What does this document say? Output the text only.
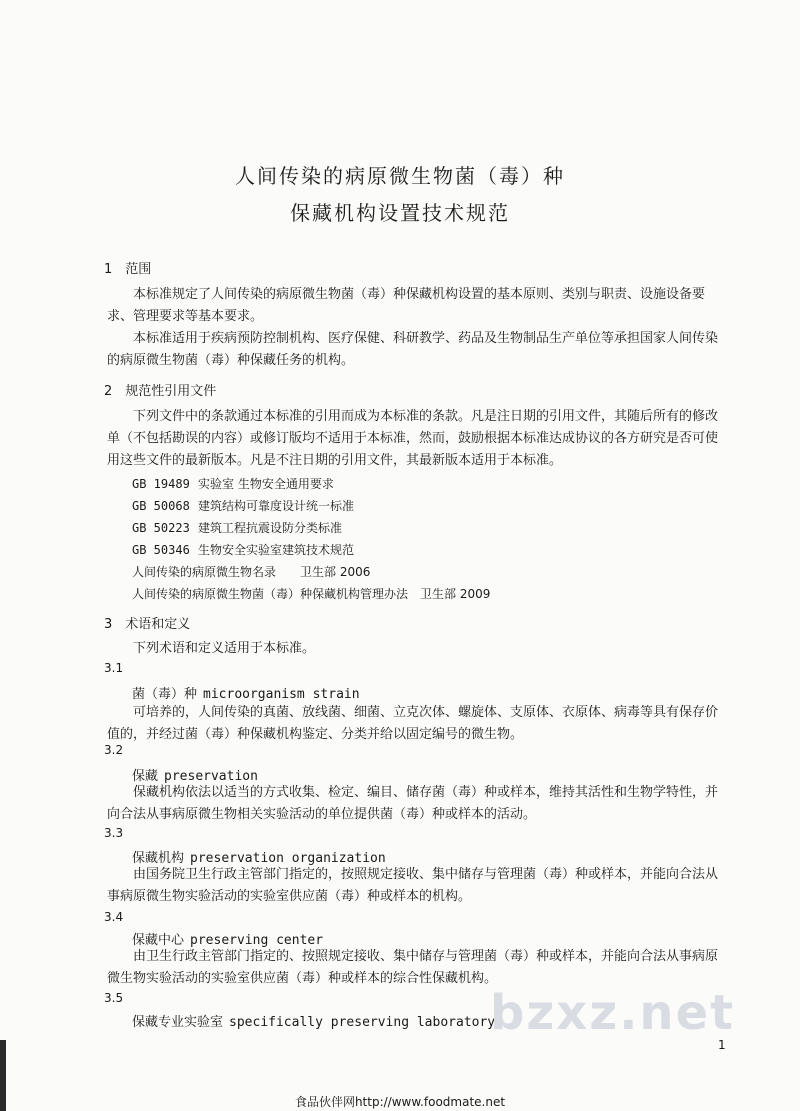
人间传染的病原微生物菌（毒）种
保藏机构设置技术规范
1　范围
本标准规定了人间传染的病原微生物菌（毒）种保藏机构设置的基本原则、类别与职责、设施设备要求、管理要求等基本要求。
本标准适用于疾病预防控制机构、医疗保健、科研教学、药品及生物制品生产单位等承担国家人间传染的病原微生物菌（毒）种保藏任务的机构。
2　规范性引用文件
下列文件中的条款通过本标准的引用而成为本标准的条款。凡是注日期的引用文件，其随后所有的修改单（不包括勘误的内容）或修订版均不适用于本标准，然而，鼓励根据本标准达成协议的各方研究是否可使用这些文件的最新版本。凡是不注日期的引用文件，其最新版本适用于本标准。
GB 19489 实验室 生物安全通用要求
GB 50068 建筑结构可靠度设计统一标准
GB 50223 建筑工程抗震设防分类标准
GB 50346 生物安全实验室建筑技术规范
人间传染的病原微生物名录　　卫生部 2006
人间传染的病原微生物菌（毒）种保藏机构管理办法　卫生部 2009
3　术语和定义
下列术语和定义适用于本标准。
3.1
菌（毒）种 microorganism strain
可培养的，人间传染的真菌、放线菌、细菌、立克次体、螺旋体、支原体、衣原体、病毒等具有保存价值的，并经过菌（毒）种保藏机构鉴定、分类并给以固定编号的微生物。
3.2
保藏 preservation
保藏机构依法以适当的方式收集、检定、编目、储存菌（毒）种或样本，维持其活性和生物学特性，并向合法从事病原微生物相关实验活动的单位提供菌（毒）种或样本的活动。
3.3
保藏机构 preservation organization
由国务院卫生行政主管部门指定的，按照规定接收、集中储存与管理菌（毒）种或样本，并能向合法从事病原微生物实验活动的实验室供应菌（毒）种或样本的机构。
3.4
保藏中心 preserving center
由卫生行政主管部门指定的、按照规定接收、集中储存与管理菌（毒）种或样本，并能向合法从事病原微生物实验活动的实验室供应菌（毒）种或样本的综合性保藏机构。
3.5
保藏专业实验室 specifically preserving laboratory
bzxz.net
1
食品伙伴网http://www.foodmate.net
